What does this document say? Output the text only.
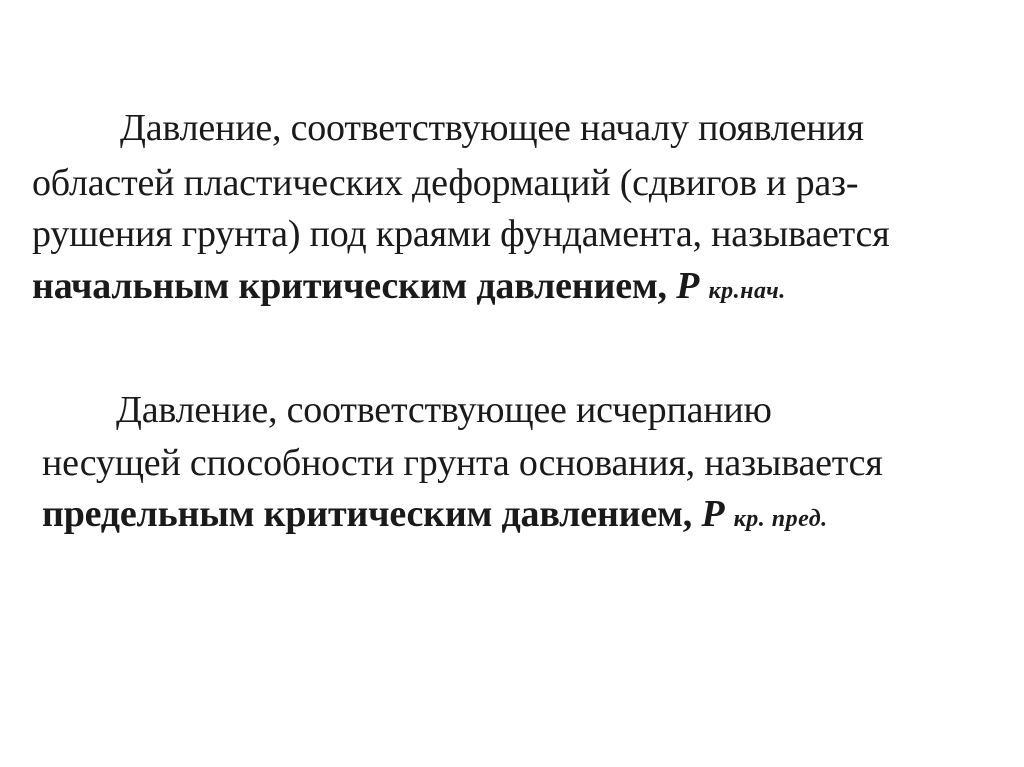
Давление, соответствующее началу появления
областей пластических деформаций (сдвигов и раз-
рушения грунта) под краями фундамента, называется
начальным критическим давлением, Р кр.нач.
Давление, соответствующее исчерпанию
несущей способности грунта основания, называется
предельным критическим давлением, Р кр. пред.
